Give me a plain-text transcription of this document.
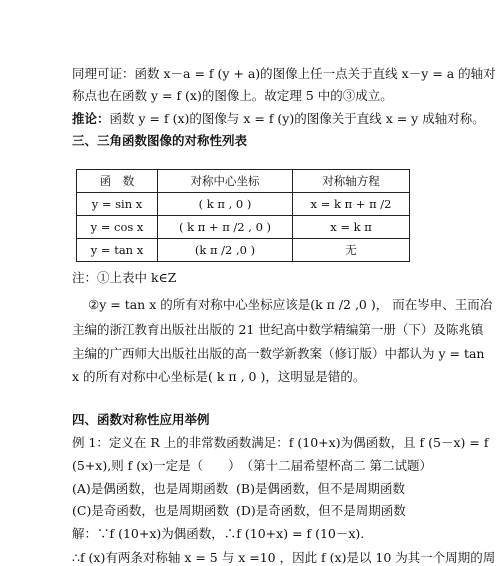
同理可证：函数 x－a = f (y + a)的图像上任一点关于直线 x－y = a 的轴对
称点也在函数 y = f (x)的图像上。故定理 5 中的③成立。
推论：函数 y = f (x)的图像与 x = f (y)的图像关于直线 x = y 成轴对称。
三、三角函数图像的对称性列表
函　数	对称中心坐标	对称轴方程
y = sin x	( k π , 0 )	x = k π + π /2
y = cos x	( k π + π /2 , 0 )	x = k π
y = tan x	(k π /2 ,0 )	无
注：①上表中 k∈Z
②y = tan x 的所有对称中心坐标应该是(k π /2 ,0 )， 而在岑申、王而冶
主编的浙江教育出版社出版的 21 世纪高中数学精编第一册（下）及陈兆镇
主编的广西师大出版社出版的高一数学新教案（修订版）中都认为 y = tan
x 的所有对称中心坐标是( k π , 0 )，这明显是错的。
四、函数对称性应用举例
例 1：定义在 R 上的非常数函数满足：f (10+x)为偶函数，且 f (5－x) = f
(5+x),则 f (x)一定是（　　）　（第十二届希望杯高二 第二试题）
(A)是偶函数，也是周期函数 (B)是偶函数，但不是周期函数
(C)是奇函数，也是周期函数 (D)是奇函数，但不是周期函数
解：∵f (10+x)为偶函数，∴f (10+x) = f (10－x).
∴f (x)有两条对称轴 x = 5 与 x =10 ，因此 f (x)是以 10 为其一个周期的周
